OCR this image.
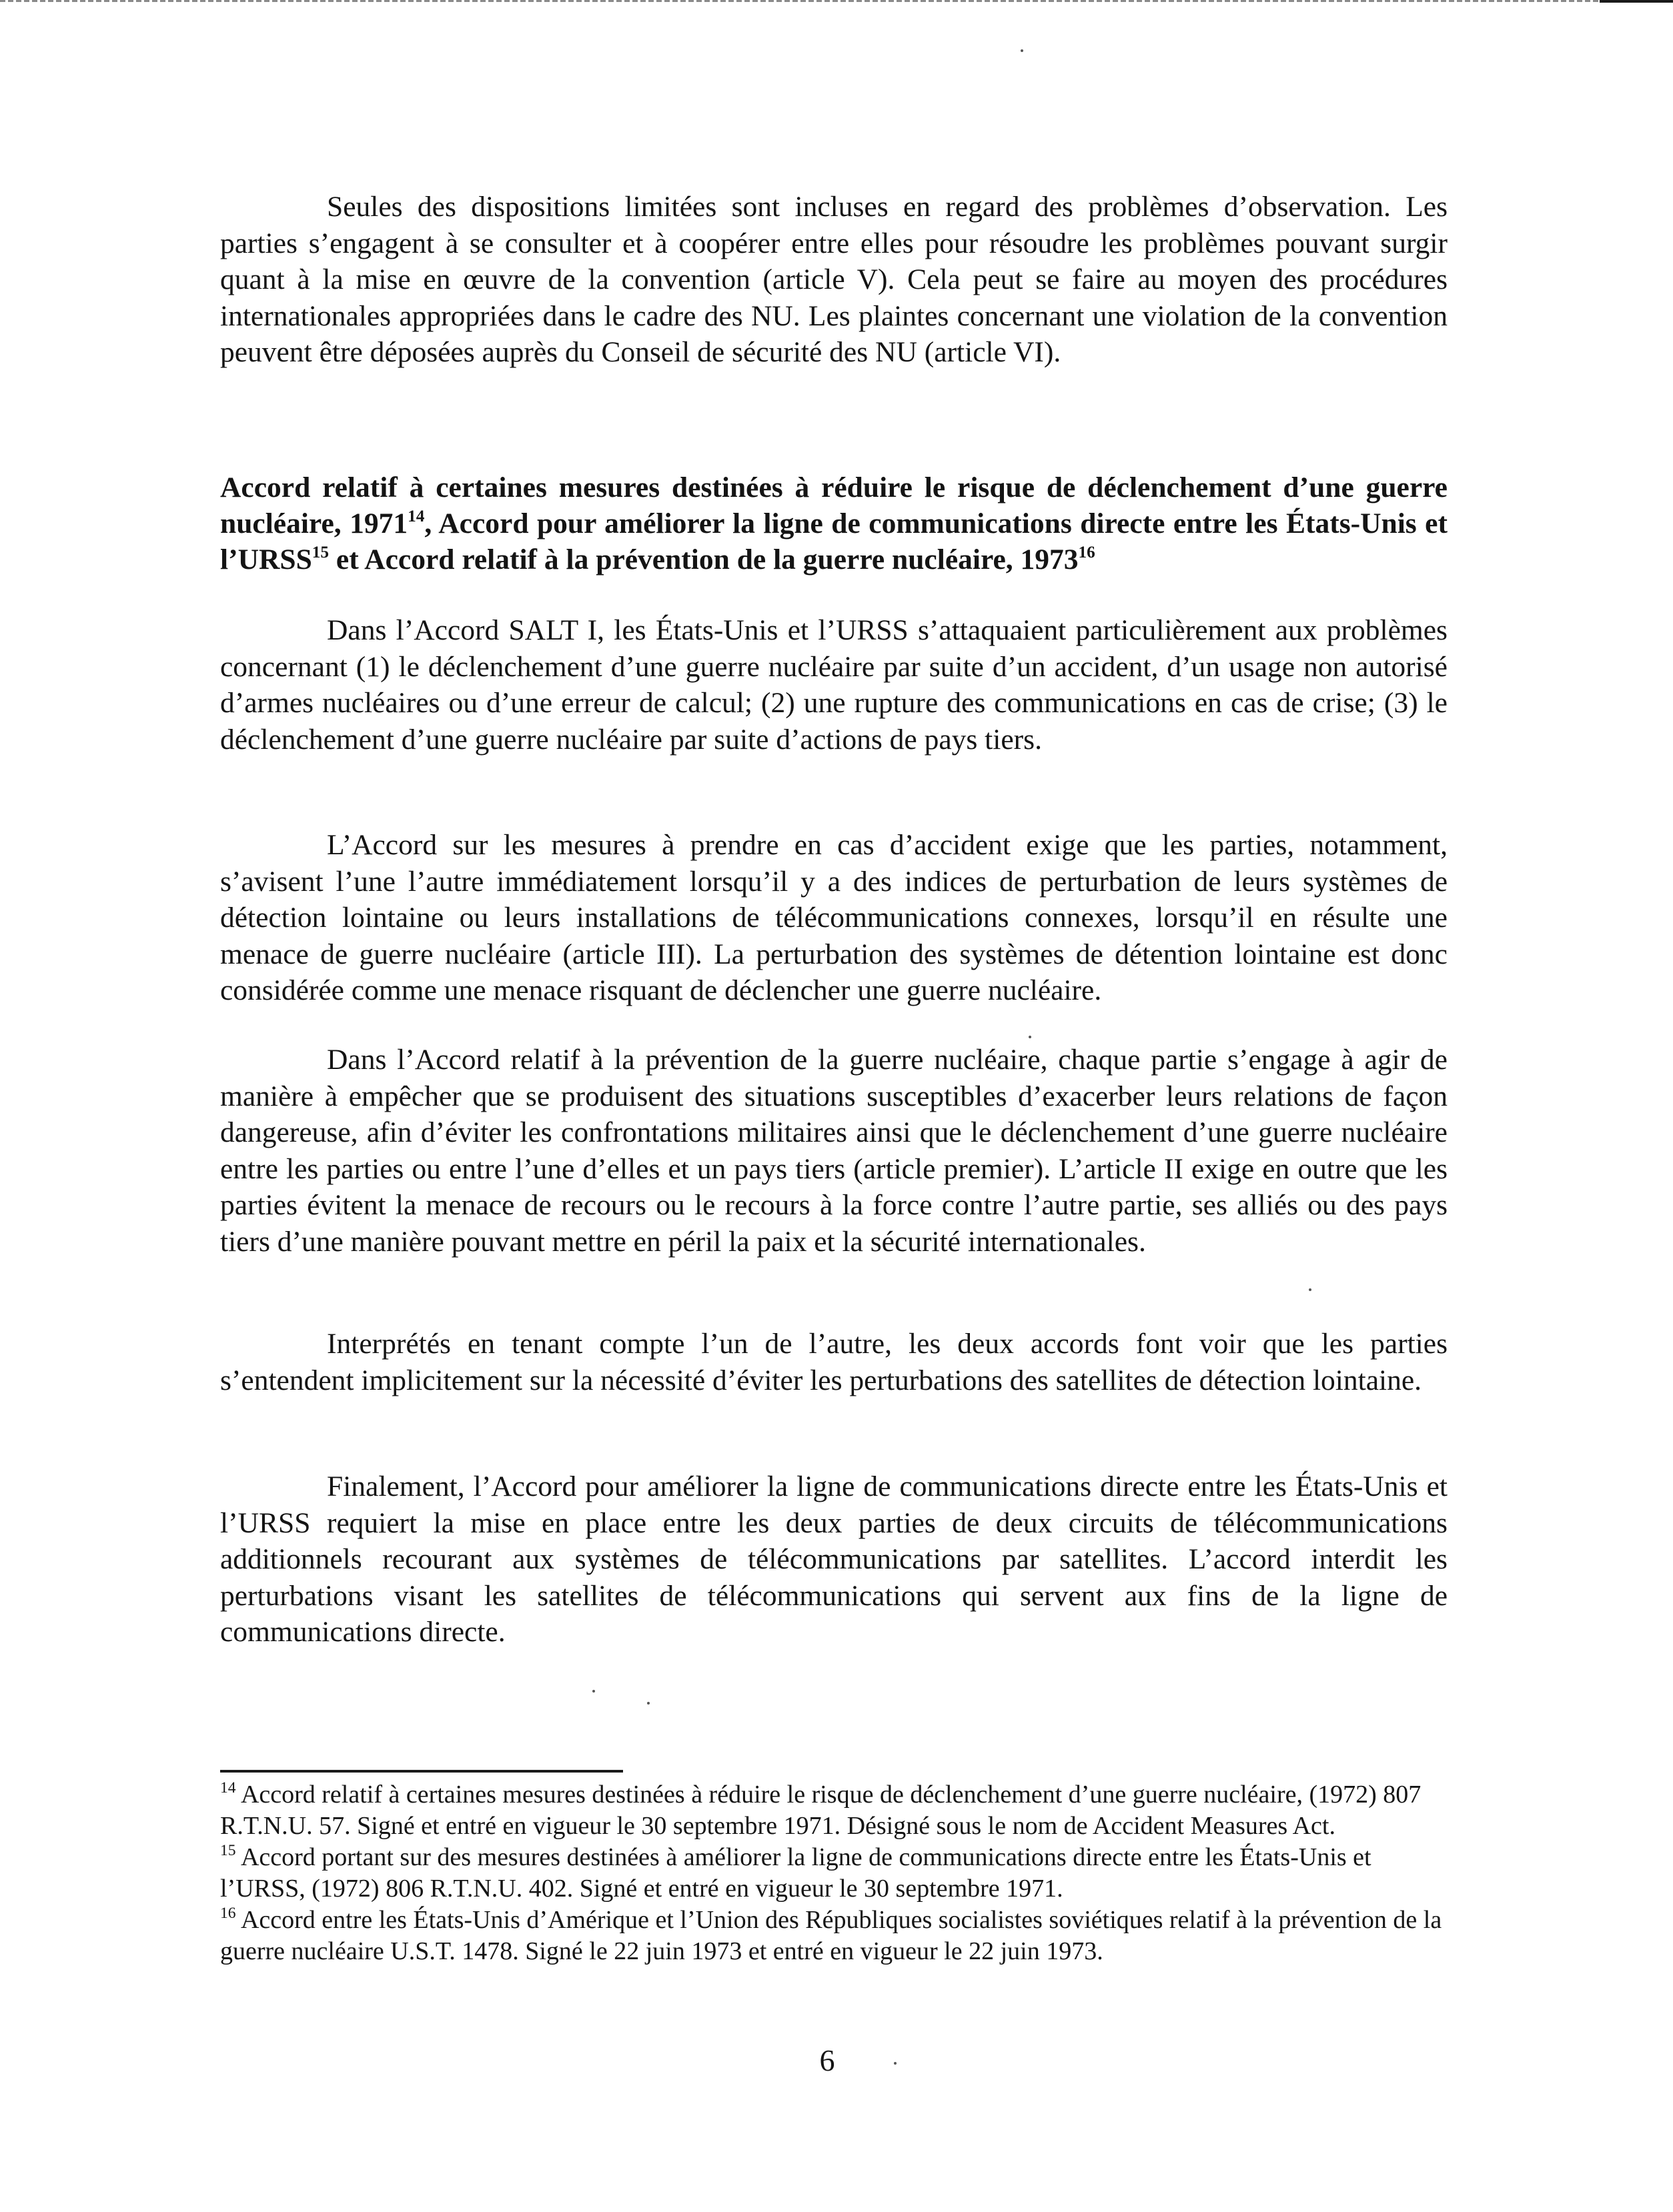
Seules des dispositions limitées sont incluses en regard des problèmes d’observation. Les parties s’engagent à se consulter et à coopérer entre elles pour résoudre les problèmes pouvant surgir quant à la mise en œuvre de la convention (article V). Cela peut se faire au moyen des procédures internationales appropriées dans le cadre des NU. Les plaintes concernant une violation de la convention peuvent être déposées auprès du Conseil de sécurité des NU (article VI).

Accord relatif à certaines mesures destinées à réduire le risque de déclenchement d’une guerre nucléaire, 1971$^{14}$, Accord pour améliorer la ligne de communications directe entre les États-Unis et l’URSS$^{15}$ et Accord relatif à la prévention de la guerre nucléaire, 1973$^{16}$

Dans l’Accord SALT I, les États-Unis et l’URSS s’attaquaient particulièrement aux problèmes concernant (1) le déclenchement d’une guerre nucléaire par suite d’un accident, d’un usage non autorisé d’armes nucléaires ou d’une erreur de calcul; (2) une rupture des communications en cas de crise; (3) le déclenchement d’une guerre nucléaire par suite d’actions de pays tiers.

L’Accord sur les mesures à prendre en cas d’accident exige que les parties, notamment, s’avisent l’une l’autre immédiatement lorsqu’il y a des indices de perturbation de leurs systèmes de détection lointaine ou leurs installations de télécommunications connexes, lorsqu’il en résulte une menace de guerre nucléaire (article III). La perturbation des systèmes de détention lointaine est donc considérée comme une menace risquant de déclencher une guerre nucléaire.

Dans l’Accord relatif à la prévention de la guerre nucléaire, chaque partie s’engage à agir de manière à empêcher que se produisent des situations susceptibles d’exacerber leurs relations de façon dangereuse, afin d’éviter les confrontations militaires ainsi que le déclenchement d’une guerre nucléaire entre les parties ou entre l’une d’elles et un pays tiers (article premier). L’article II exige en outre que les parties évitent la menace de recours ou le recours à la force contre l’autre partie, ses alliés ou des pays tiers d’une manière pouvant mettre en péril la paix et la sécurité internationales.

Interprétés en tenant compte l’un de l’autre, les deux accords font voir que les parties s’entendent implicitement sur la nécessité d’éviter les perturbations des satellites de détection lointaine.

Finalement, l’Accord pour améliorer la ligne de communications directe entre les États-Unis et l’URSS requiert la mise en place entre les deux parties de deux circuits de télécommunications additionnels recourant aux systèmes de télécommunications par satellites. L’accord interdit les perturbations visant les satellites de télécommunications qui servent aux fins de la ligne de communications directe.

$^{14}$ Accord relatif à certaines mesures destinées à réduire le risque de déclenchement d’une guerre nucléaire, (1972) 807 R.T.N.U. 57. Signé et entré en vigueur le 30 septembre 1971. Désigné sous le nom de Accident Measures Act.

$^{15}$ Accord portant sur des mesures destinées à améliorer la ligne de communications directe entre les États-Unis et l’URSS, (1972) 806 R.T.N.U. 402. Signé et entré en vigueur le 30 septembre 1971.

$^{16}$ Accord entre les États-Unis d’Amérique et l’Union des Républiques socialistes soviétiques relatif à la prévention de la guerre nucléaire U.S.T. 1478. Signé le 22 juin 1973 et entré en vigueur le 22 juin 1973.

6
